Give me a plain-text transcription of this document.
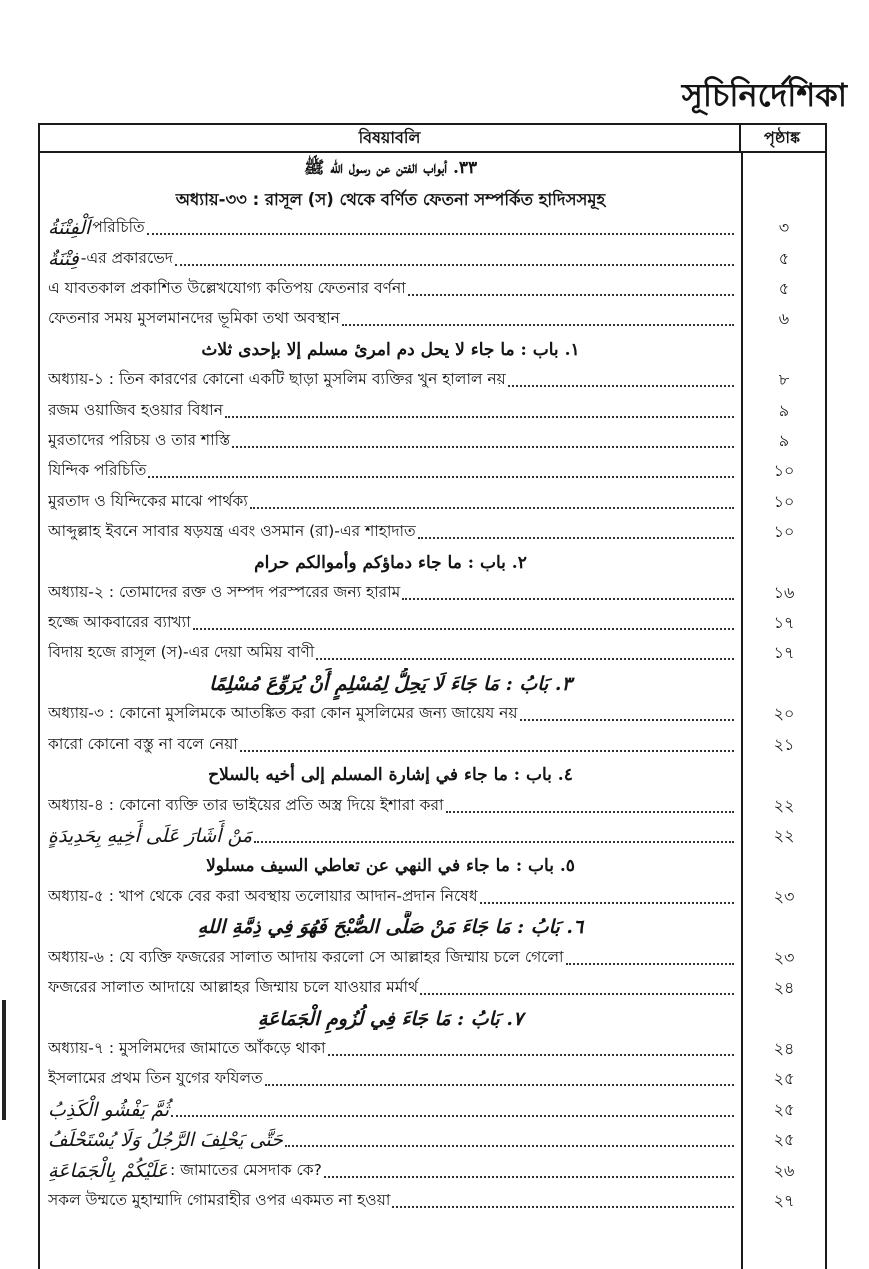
সূচিনির্দেশিকা
বিষয়াবলি	পৃষ্ঠাঙ্ক
٣٣. أبواب الفتن عن رسول الله ﷺ
অধ্যায়-৩৩ : রাসূল (স) থেকে বর্ণিত ফেতনা সম্পর্কিত হাদিসসমূহ
اَلْفِتْنَةُ পরিচিতি	৩
فِتْنَةٌ -এর প্রকারভেদ	৫
এ যাবতকাল প্রকাশিত উল্লেখযোগ্য কতিপয় ফেতনার বর্ণনা	৫
ফেতনার সময় মুসলমানদের ভূমিকা তথা অবস্থান	৬
١. باب : ما جاء لا يحل دم امرئ مسلم إلا بإحدى ثلاث
অধ্যায়-১ : তিন কারণের কোনো একটি ছাড়া মুসলিম ব্যক্তির খুন হালাল নয়	৮
রজম ওয়াজিব হওয়ার বিধান	৯
মুরতাদের পরিচয় ও তার শাস্তি	৯
যিন্দিক পরিচিতি	১০
মুরতাদ ও যিন্দিকের মাঝে পার্থক্য	১০
আব্দুল্লাহ ইবনে সাবার ষড়যন্ত্র এবং ওসমান (রা)-এর শাহাদাত	১০
٢. باب : ما جاء دماؤكم وأموالكم حرام
অধ্যায়-২ : তোমাদের রক্ত ও সম্পদ পরস্পরের জন্য হারাম	১৬
হজ্জে আকবারের ব্যাখ্যা	১৭
বিদায় হজে রাসূল (স)-এর দেয়া অমিয় বাণী	১৭
٣. بَابُ : مَا جَاءَ لَا يَحِلُّ لِمُسْلِمٍ أَنْ يُرَوِّعَ مُسْلِمًا
অধ্যায়-৩ : কোনো মুসলিমকে আতঙ্কিত করা কোন মুসলিমের জন্য জায়েয নয়	২০
কারো কোনো বস্তু না বলে নেয়া	২১
٤. باب : ما جاء في إشارة المسلم إلى أخيه بالسلاح
অধ্যায়-৪ : কোনো ব্যক্তি তার ভাইয়ের প্রতি অস্ত্র দিয়ে ইশারা করা	২২
مَنْ أَشَارَ عَلَى أَخِيهِ بِحَدِيدَةٍ	২২
٥. باب : ما جاء في النهي عن تعاطي السيف مسلولا
অধ্যায়-৫ : খাপ থেকে বের করা অবস্থায় তলোয়ার আদান-প্রদান নিষেধ	২৩
٦. بَابُ : مَا جَاءَ مَنْ صَلَّى الصُّبْحَ فَهُوَ فِي ذِمَّةِ اللهِ
অধ্যায়-৬ : যে ব্যক্তি ফজরের সালাত আদায় করলো সে আল্লাহর জিম্মায় চলে গেলো	২৩
ফজরের সালাত আদায়ে আল্লাহর জিম্মায় চলে যাওয়ার মর্মার্থ	২৪
٧. بَابُ : مَا جَاءَ فِي لُزُومِ الْجَمَاعَةِ
অধ্যায়-৭ : মুসলিমদের জামাতে আঁকড়ে থাকা	২৪
ইসলামের প্রথম তিন যুগের ফযিলত	২৫
ثُمَّ يَفْشُو الْكَذِبُ	২৫
حَتَّى يَحْلِفَ الرَّجُلُ وَلَا يُسْتَحْلَفُ	২৫
عَلَيْكُمْ بِالْجَمَاعَةِ : জামাতের মেসদাক কে?	২৬
সকল উম্মতে মুহাম্মাদি গোমরাহীর ওপর একমত না হওয়া	২৭
